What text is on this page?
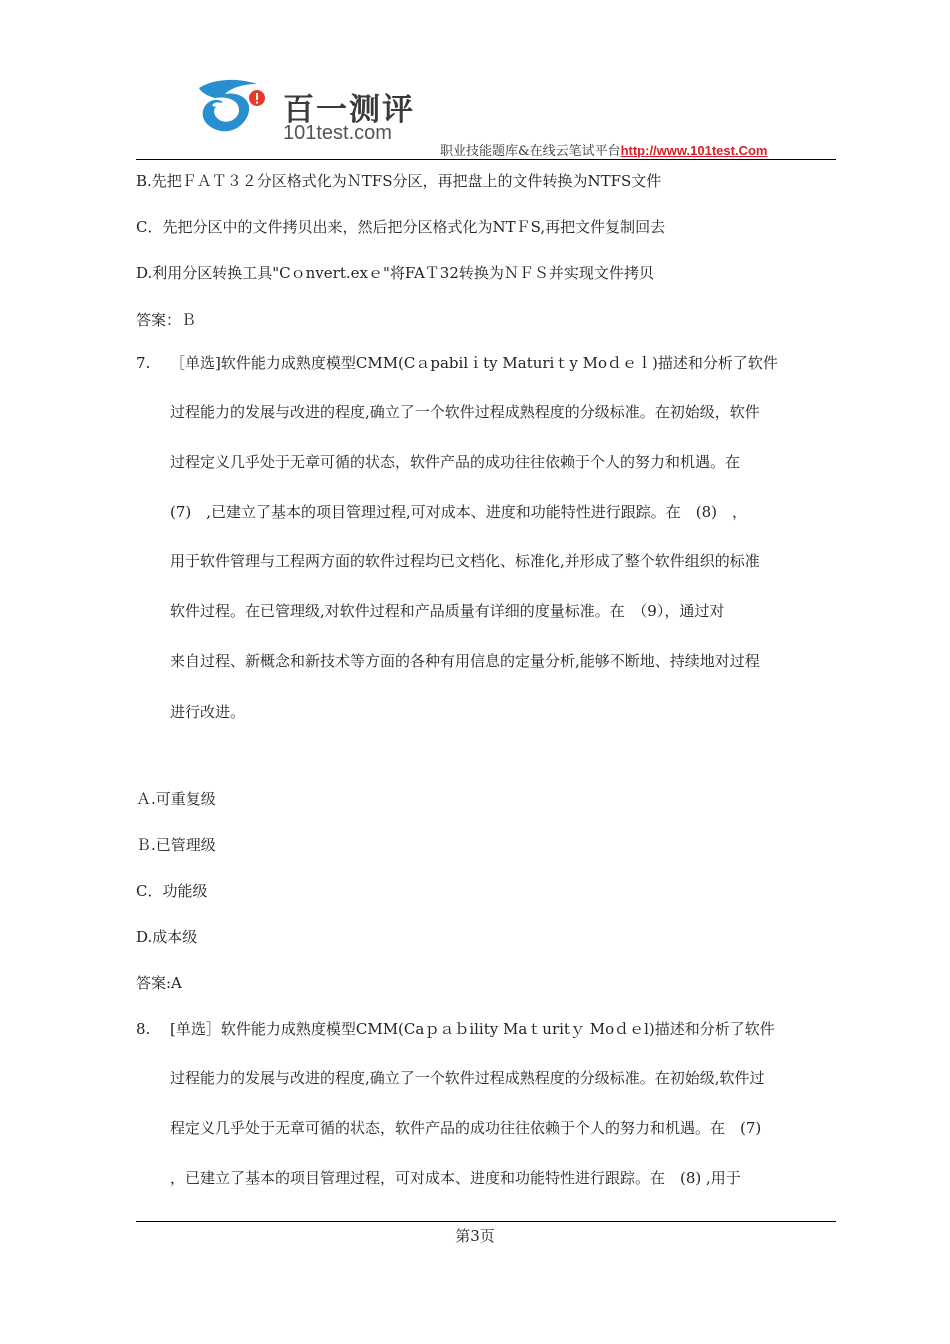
百一测评
101test.com
职业技能题库&在线云笔试平台http://www.101test.Com
B.先把ＦＡＴ３２分区格式化为ＮTFS分区，再把盘上的文件转换为NTFS文件
C．先把分区中的文件拷贝出来，然后把分区格式化为NTＦS,再把文件复制回去
D.利用分区转换工具"Cｏnvert.exｅ"将FAＴ32转换为ＮＦＳ并实现文件拷贝
答案：Ｂ
7. ［单选]软件能力成熟度模型CMM(Cａpabilｉty Maturiｔy Moｄｅｌ)描述和分析了软件
过程能力的发展与改进的程度,确立了一个软件过程成熟程度的分级标准。在初始级，软件
过程定义几乎处于无章可循的状态，软件产品的成功往往依赖于个人的努力和机遇。在
(7)　,已建立了基本的项目管理过程,可对成本、进度和功能特性进行跟踪。在　(8)　，
用于软件管理与工程两方面的软件过程均已文档化、标准化,并形成了整个软件组织的标准
软件过程。在已管理级,对软件过程和产品质量有详细的度量标准。在　（9），通过对
来自过程、新概念和新技术等方面的各种有用信息的定量分析,能够不断地、持续地对过程
进行改进。
Ａ.可重复级
Ｂ.已管理级
C．功能级
D.成本级
答案:A
8. [单选］软件能力成熟度模型CMM(Caｐａｂility Maｔuritｙ Moｄｅl)描述和分析了软件
过程能力的发展与改进的程度,确立了一个软件过程成熟程度的分级标准。在初始级,软件过
程定义几乎处于无章可循的状态，软件产品的成功往往依赖于个人的努力和机遇。在　(7)
，已建立了基本的项目管理过程，可对成本、进度和功能特性进行跟踪。在　(8) ,用于
第3页
